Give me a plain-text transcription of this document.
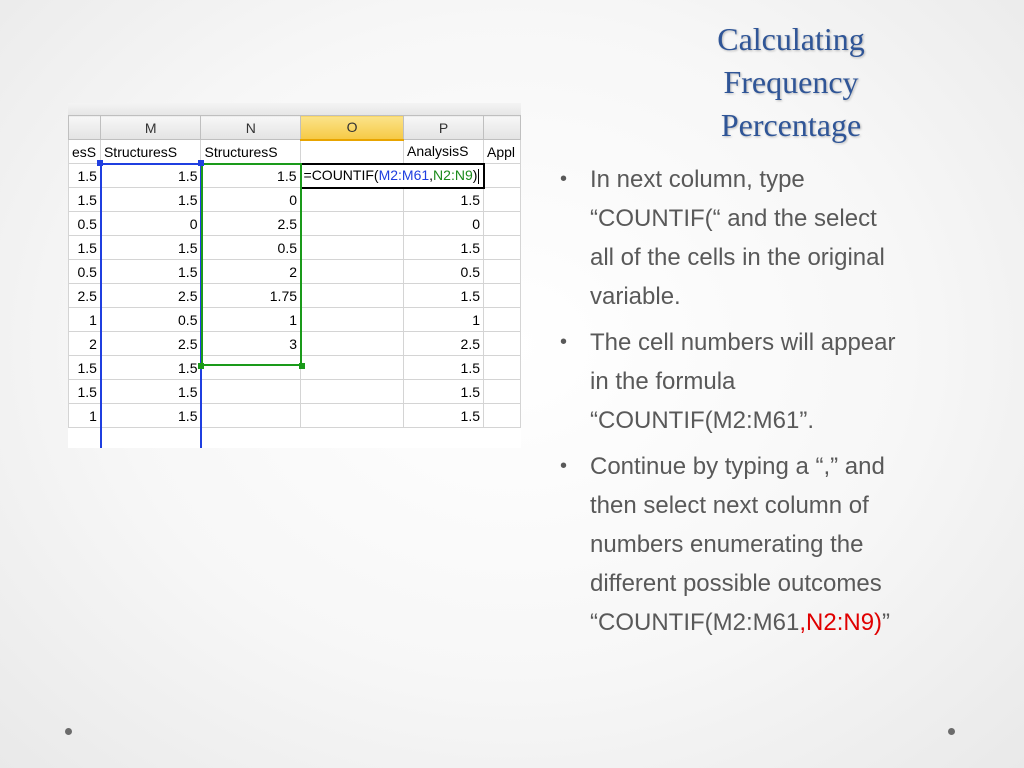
Calculating
Frequency
Percentage
	M	N	O	P	
esS	StructuresS	StructuresS		AnalysisS	Appl
1.5	1.5	1.5	=COUNTIF(M2:M61,N2:N9)		
1.5	1.5	0		1.5	
0.5	0	2.5		0	
1.5	1.5	0.5		1.5	
0.5	1.5	2		0.5	
2.5	2.5	1.75		1.5	
1	0.5	1		1	
2	2.5	3		2.5	
1.5	1.5			1.5	
1.5	1.5			1.5	
1	1.5			1.5	
• In next column, type
“COUNTIF(“ and the select
all of the cells in the original
variable.
• The cell numbers will appear
in the formula
“COUNTIF(M2:M61”.
• Continue by typing a “,” and
then select next column of
numbers enumerating the
different possible outcomes
“COUNTIF(M2:M61,N2:N9)”
